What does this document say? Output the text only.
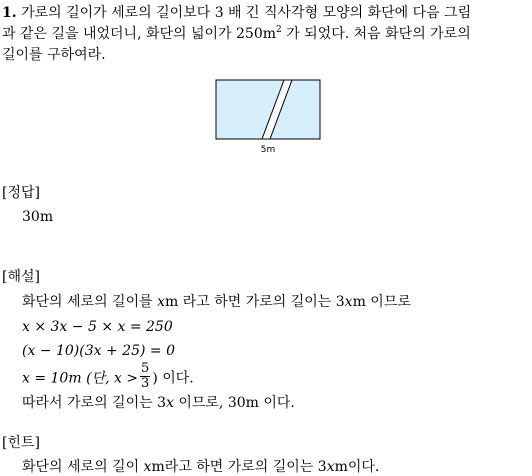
1. 가로의 길이가 세로의 길이보다 3 배 긴 직사각형 모양의 화단에 다음 그림
과 같은 길을 내었더니, 화단의 넓이가 $250m^2$ 가 되었다. 처음 화단의 가로의
길이를 구하여라.
5m
[정답]
30m
[해설]
화단의 세로의 길이를 xm 라고 하면 가로의 길이는 3xm 이므로
x × 3x − 5 × x = 250
(x − 10)(3x + 25) = 0
x = 10m (단, $x > \frac{5}{3}$ ) 이다.
따라서 가로의 길이는 3x 이므로, 30m 이다.
[힌트]
화단의 세로의 길이 xm라고 하면 가로의 길이는 3xm이다.
